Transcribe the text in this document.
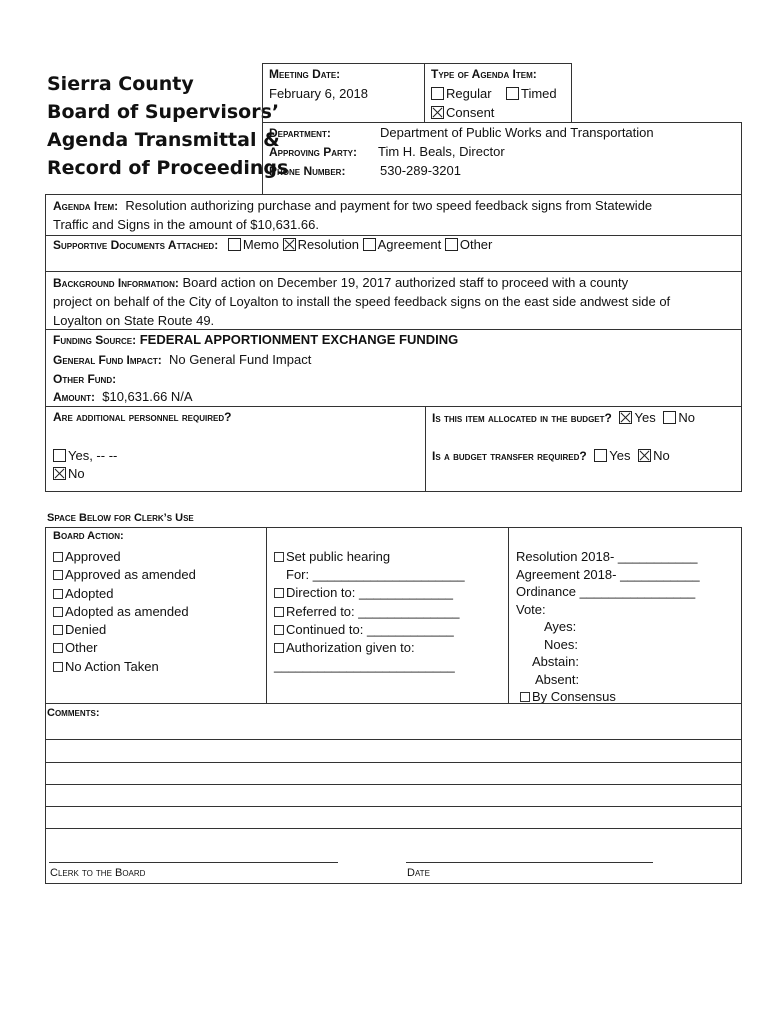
Sierra County
Board of Supervisors’
Agenda Transmittal &
Record of Proceedings
Meeting Date:
February 6, 2018
Type of Agenda Item:
Regular	Timed
Consent
Department:	Department of Public Works and Transportation
Approving Party: Tim H. Beals, Director
Phone Number:	530-289-3201
Agenda Item: Resolution authorizing purchase and payment for two speed feedback signs from Statewide
Traffic and Signs in the amount of $10,631.66.
Supportive Documents Attached: Memo Resolution Agreement Other
Background Information: Board action on December 19, 2017 authorized staff to proceed with a county
project on behalf of the City of Loyalton to install the speed feedback signs on the east side andwest side of
Loyalton on State Route 49.
Funding Source: FEDERAL APPORTIONMENT EXCHANGE FUNDING
General Fund Impact: No General Fund Impact
Other Fund:
Amount: $10,631.66 N/A
Are additional personnel required?
Yes, -- --
No
Is this item allocated in the budget? Yes No
Is a budget transfer required? Yes No
Space Below for Clerk’s Use
Board Action:
Approved
Approved as amended
Adopted
Adopted as amended
Denied
Other
No Action Taken
Set public hearing
For: _____________________
Direction to: _____________
Referred to: ______________
Continued to: ____________
Authorization given to:
_________________________
Resolution 2018- ___________
Agreement 2018- ___________
Ordinance ________________
Vote:
Ayes:
Noes:
Abstain:
Absent:
By Consensus
Comments:
Clerk to the Board	Date
